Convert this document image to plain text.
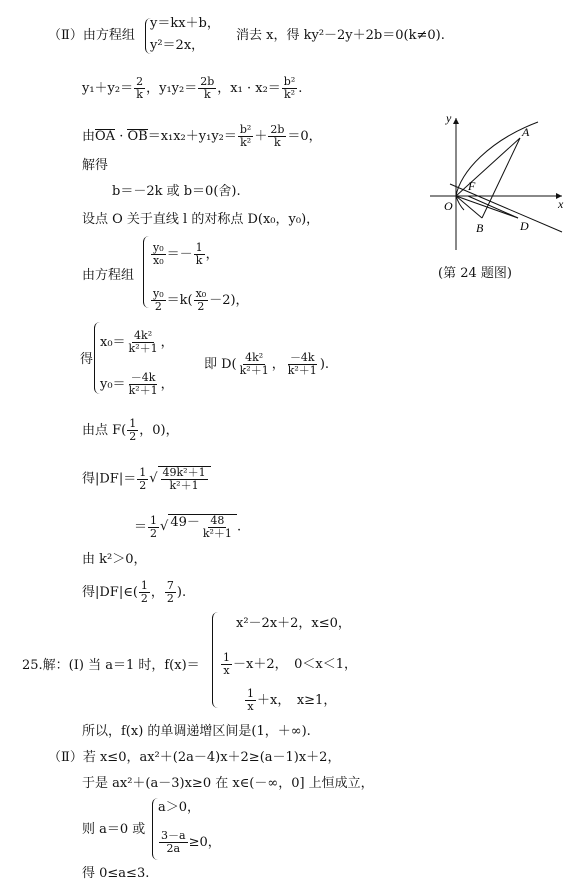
（Ⅱ）由方程组
y＝kx＋b，
y²＝2x，
消去 x，得 ky²－2y＋2b＝0(k≠0).
$y_1+y_2= \frac{2}{k}$ ，$y_1y_2= \frac{2b}{k}$ ，$x_1 \cdot x_2= \frac{\text{b²}}{\text{k²}}$ .
由OA · $OB=x_1x_2+y_1y_2= \frac{\text{b²}}{\text{k²}} + \frac{2b}{k} =0$，
解得
b＝－2k 或 b＝0(舍).
设点 O 关于直线 l 的对称点 D(x₀，y₀)，
由方程组
$\frac{\text{y₀}}{\text{x₀}} =- \frac{1}{k}$ ，
$\frac{\text{y₀}}{2} =k( \frac{\text{x₀}}{2} -2)$，
得
$x_0= \frac{\text{4k²}}{\text{k²＋1}}$ ，
$y_0= \frac{-4k}{\text{k²＋1}}$ ，
即 $D( \frac{\text{4k²}}{\text{k²＋1}}$ ， $\frac{-4k}{\text{k²＋1}}$ ).
由点 $F( \frac{1}{2}$ ，0)，
得$|DF|= \frac{1}{2}$ √ $\frac{\text{49k²＋1}}{\text{k²＋1}}$
＝ $\frac{1}{2}$ √ $49- \frac{48}{\text{k²＋1}}$ .
由 k²＞0，
得|DF|∈( $\frac{1}{2}$ ， $\frac{7}{2}$ ).
25.解：(Ⅰ) 当 a＝1 时，f(x)＝
x²－2x＋2，x≤0，
$\frac{1}{x} -x+2$，　0＜x＜1，
$\frac{1}{x} +x$，　x≥1，
所以，f(x) 的单调递增区间是(1，＋∞).
（Ⅱ）若 x≤0，ax²＋(2a－4)x＋2≥(a－1)x＋2，
于是 ax²＋(a－3)x≥0 在 x∈(－∞，0] 上恒成立，
则 a＝0 或
a＞0，
$\frac{3-a}{2a} \ge 0$，
得 0≤a≤3.
y
x
O
A
B
F
D
(第 24 题图)
